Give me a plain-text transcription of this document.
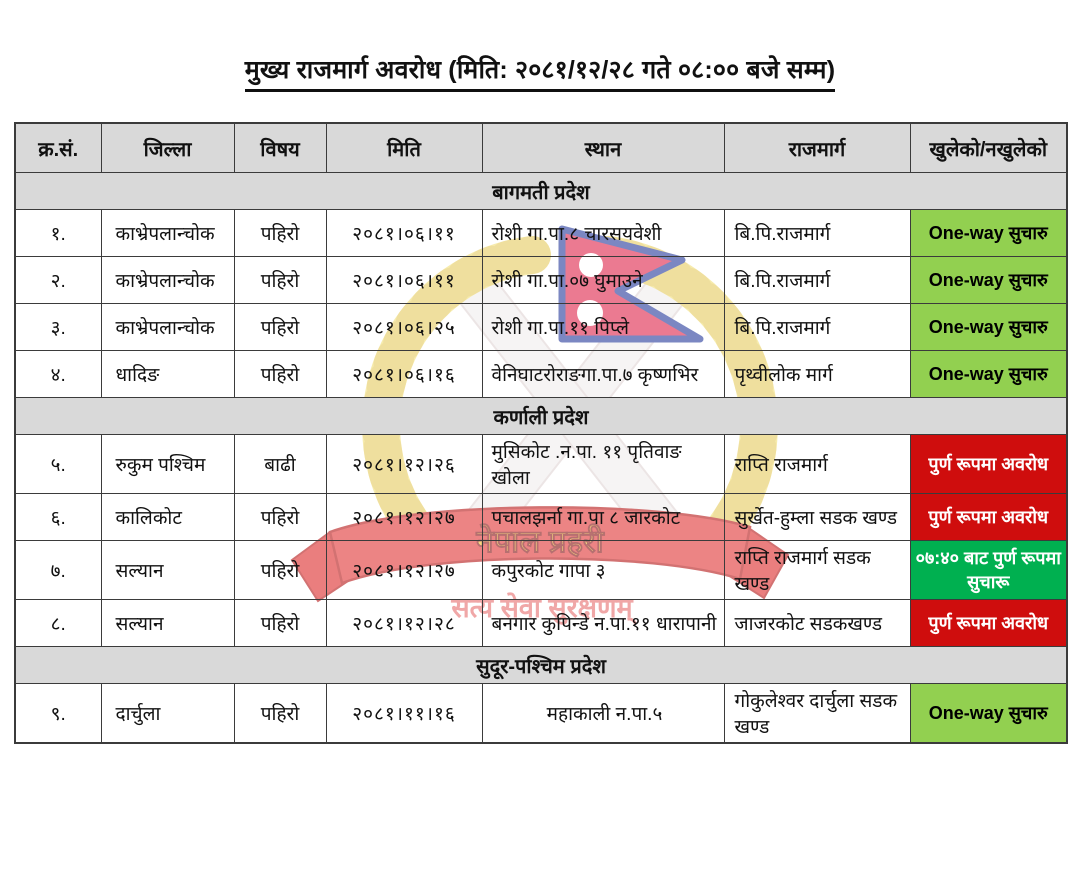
मुख्य राजमार्ग अवरोध (मिति: २०८१/१२/२८ गते ०८:०० बजे सम्म)
नेपाल प्रहरी
सत्य सेवा सुरक्षणम्
क्र.सं.	जिल्ला	विषय	मिति	स्थान	राजमार्ग	खुलेको/नखुलेको
बागमती प्रदेश						
१.	काभ्रेपलान्चोक	पहिरो	२०८१।०६।११	रोशी गा.पा.८ चारसयवेशी	बि.पि.राजमार्ग	One-way सुचारु
२.	काभ्रेपलान्चोक	पहिरो	२०८१।०६।११	रोशी गा.पा.०७ घुमाउने	बि.पि.राजमार्ग	One-way सुचारु
३.	काभ्रेपलान्चोक	पहिरो	२०८१।०६।२५	रोशी गा.पा.११ पिप्ले	बि.पि.राजमार्ग	One-way सुचारु
४.	धादिङ	पहिरो	२०८१।०६।१६	वेनिघाटरोराङगा.पा.७ कृष्णभिर	पृथ्वीलोक मार्ग	One-way सुचारु
कर्णाली प्रदेश						
५.	रुकुम पश्चिम	बाढी	२०८१।१२।२६	मुसिकोट .न.पा. ११ पृतिवाङ खोला	राप्ति राजमार्ग	पुर्ण रूपमा अवरोध
६.	कालिकोट	पहिरो	२०८१।१२।२७	पचालझर्ना गा.पा ८ जारकोट	सुर्खेत-हुम्ला सडक खण्ड	पुर्ण रूपमा अवरोध
७.	सल्यान	पहिरो	२०८१।१२।२७	कपुरकोट गापा ३	राप्ति राजमार्ग सडक खण्ड	०७:४० बाट पुर्ण रूपमा सुचारू
८.	सल्यान	पहिरो	२०८१।१२।२८	बनगार कुपिन्डे न.पा.११ धारापानी	जाजरकोट सडकखण्ड	पुर्ण रूपमा अवरोध
सुदूर-पश्चिम प्रदेश						
९.	दार्चुला	पहिरो	२०८१।११।१६	महाकाली न.पा.५	गोकुलेश्वर दार्चुला सडक खण्ड	One-way सुचारु
